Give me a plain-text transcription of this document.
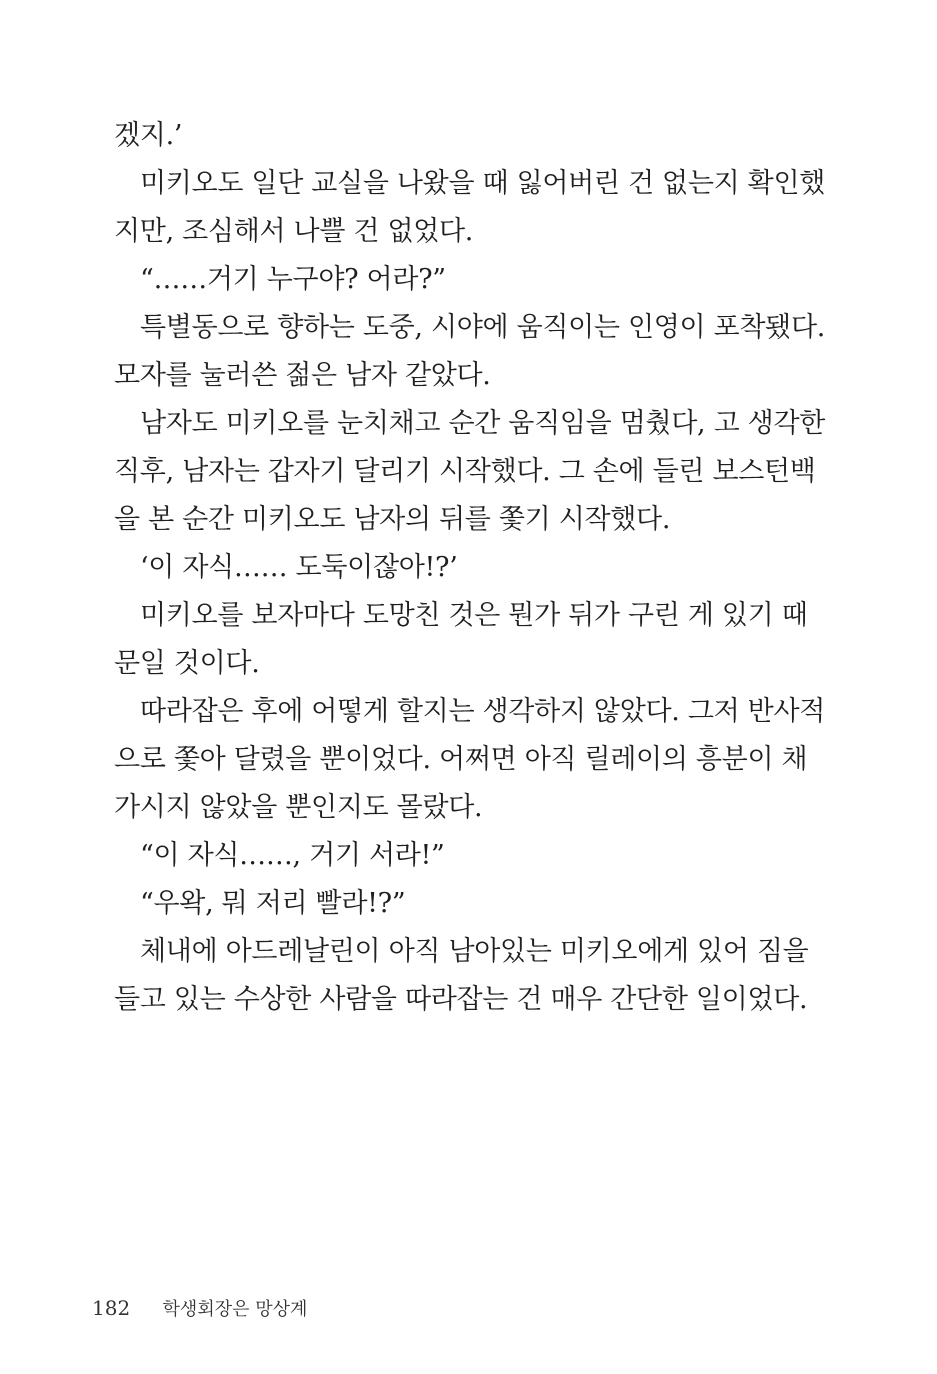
겠지.’
미키오도 일단 교실을 나왔을 때 잃어버린 건 없는지 확인했
지만, 조심해서 나쁠 건 없었다.
“……거기 누구야? 어라?”
특별동으로 향하는 도중, 시야에 움직이는 인영이 포착됐다.
모자를 눌러쓴 젊은 남자 같았다.
남자도 미키오를 눈치채고 순간 움직임을 멈췄다, 고 생각한
직후, 남자는 갑자기 달리기 시작했다. 그 손에 들린 보스턴백
을 본 순간 미키오도 남자의 뒤를 쫓기 시작했다.
‘이 자식…… 도둑이잖아!?’
미키오를 보자마다 도망친 것은 뭔가 뒤가 구린 게 있기 때
문일 것이다.
따라잡은 후에 어떻게 할지는 생각하지 않았다. 그저 반사적
으로 쫓아 달렸을 뿐이었다. 어쩌면 아직 릴레이의 흥분이 채
가시지 않았을 뿐인지도 몰랐다.
“이 자식……, 거기 서라!”
“우왁, 뭐 저리 빨라!?”
체내에 아드레날린이 아직 남아있는 미키오에게 있어 짐을
들고 있는 수상한 사람을 따라잡는 건 매우 간단한 일이었다.
182 학생회장은 망상계
